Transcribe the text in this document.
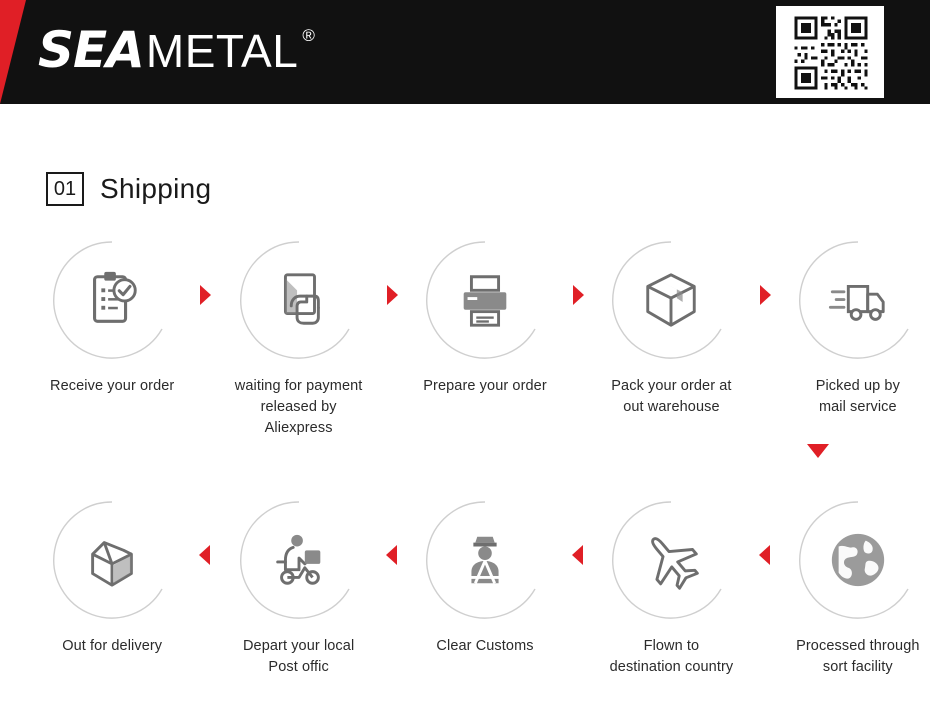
SEA METAL ®
01 Shipping
Receive your order	waiting for payment
released by Aliexpress
Prepare your order	Pack your order at
out warehouse
Picked up by
mail service
Out for delivery	Depart your local
Post offic
Clear Customs	Flown to
destination country
Processed through
sort facility
